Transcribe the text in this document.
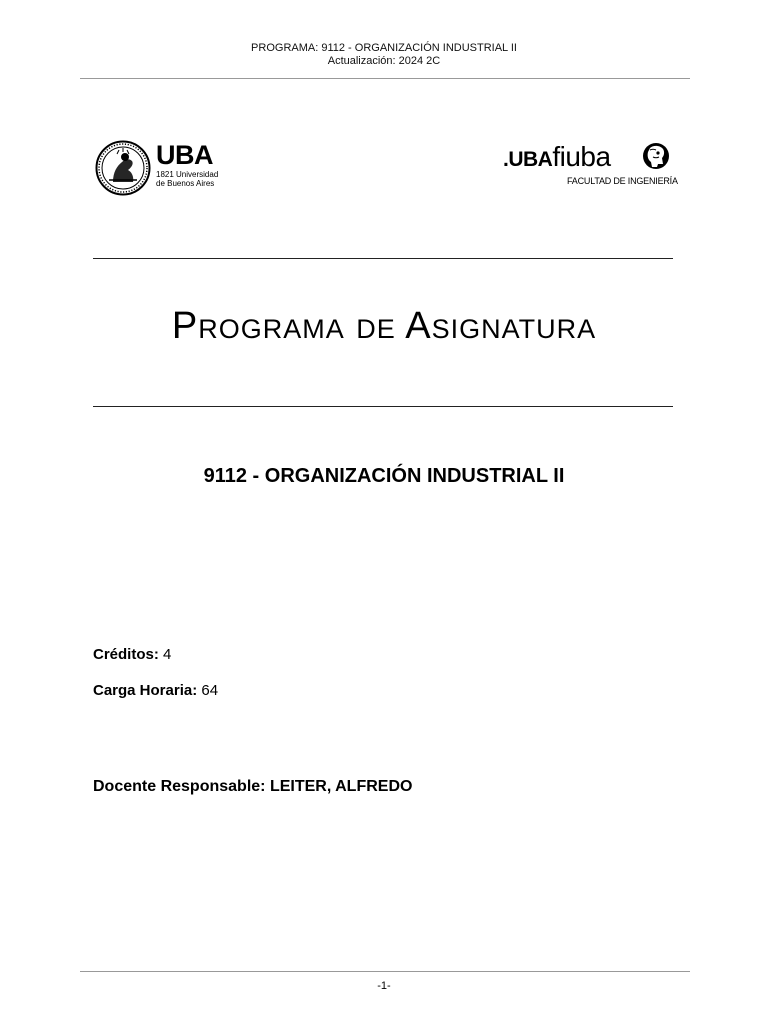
PROGRAMA: 9112 - ORGANIZACIÓN INDUSTRIAL II
Actualización: 2024 2C
UBA
1821 Universidad
de Buenos Aires
.UBAfiuba
FACULTAD DE INGENIERÍA
Programa de Asignatura
9112 - ORGANIZACIÓN INDUSTRIAL II
Créditos: 4
Carga Horaria: 64
Docente Responsable: LEITER, ALFREDO
-1-
